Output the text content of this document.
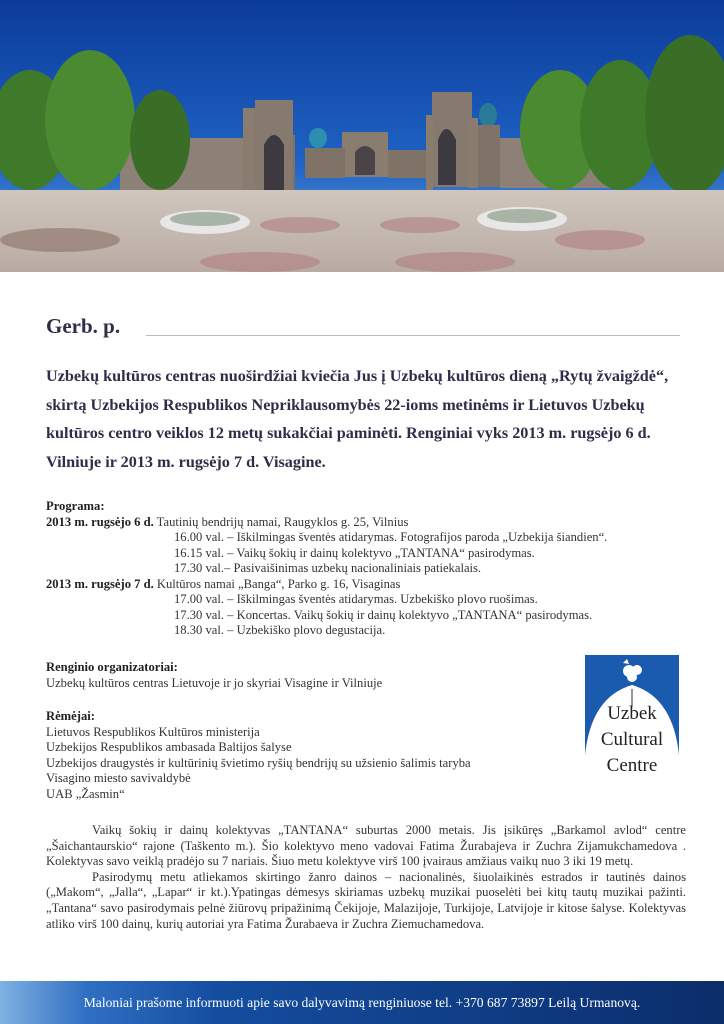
Gerb. p.
Uzbekų kultūros centras nuoširdžiai kviečia Jus į Uzbekų kultūros dieną „Rytų žvaigždė“,
skirtą Uzbekijos Respublikos Nepriklausomybės 22-ioms metinėms ir Lietuvos Uzbekų
kultūros centro veiklos 12 metų sukakčiai paminėti. Renginiai vyks 2013 m. rugsėjo 6 d.
Vilniuje ir 2013 m. rugsėjo 7 d. Visagine.
Programa:
2013 m. rugsėjo 6 d. Tautinių bendrijų namai, Raugyklos g. 25, Vilnius
16.00 val. – Iškilmingas šventės atidarymas. Fotografijos paroda „Uzbekija šiandien“.
16.15 val. – Vaikų šokių ir dainų kolektyvo „TANTANA“ pasirodymas.
17.30 val.– Pasivaišinimas uzbekų nacionaliniais patiekalais.
2013 m. rugsėjo 7 d. Kultūros namai „Banga“, Parko g. 16, Visaginas
17.00 val. – Iškilmingas šventės atidarymas. Uzbekiško plovo ruošimas.
17.30 val. – Koncertas. Vaikų šokių ir dainų kolektyvo „TANTANA“ pasirodymas.
18.30 val. – Uzbekiško plovo degustacija.
Renginio organizatoriai:
Uzbekų kultūros centras Lietuvoje ir jo skyriai Visagine ir Vilniuje
Rėmėjai:
Lietuvos Respublikos Kultūros ministerija
Uzbekijos Respublikos ambasada Baltijos šalyse
Uzbekijos draugystės ir kultūrinių švietimo ryšių bendrijų su užsienio šalimis taryba
Visagino miesto savivaldybė
UAB „Žasmin“
Uzbek
Cultural
Centre

Vaikų šokių ir dainų kolektyvas „TANTANA“ suburtas 2000 metais. Jis įsikūręs „Barkamol avlod“ centre „Šaichantaurskio“ rajone (Taškento m.). Šio kolektyvo meno vadovai Fatima Žurabajeva ir Zuchra Zijamukchamedova . Kolektyvas savo veiklą pradėjo su 7 nariais. Šiuo metu kolektyve virš 100 įvairaus amžiaus vaikų nuo 3 iki 19 metų.

Pasirodymų metu atliekamos skirtingo žanro dainos – nacionalinės, šiuolaikinės estrados ir tautinės dainos („Makom“, „Jalla“, „Lapar“ ir kt.).Ypatingas dėmesys skiriamas uzbekų muzikai puoselėti bei kitų tautų muzikai pažinti. „Tantana“ savo pasirodymais pelnė žiūrovų pripažinimą Čekijoje, Malazijoje, Turkijoje, Latvijoje ir kitose šalyse. Kolektyvas atliko virš 100 dainų, kurių autoriai yra Fatima Žurabaeva ir Zuchra Ziemuchamedova.

Maloniai prašome informuoti apie savo dalyvavimą renginiuose tel. +370 687 73897 Leilą Urmanovą.
